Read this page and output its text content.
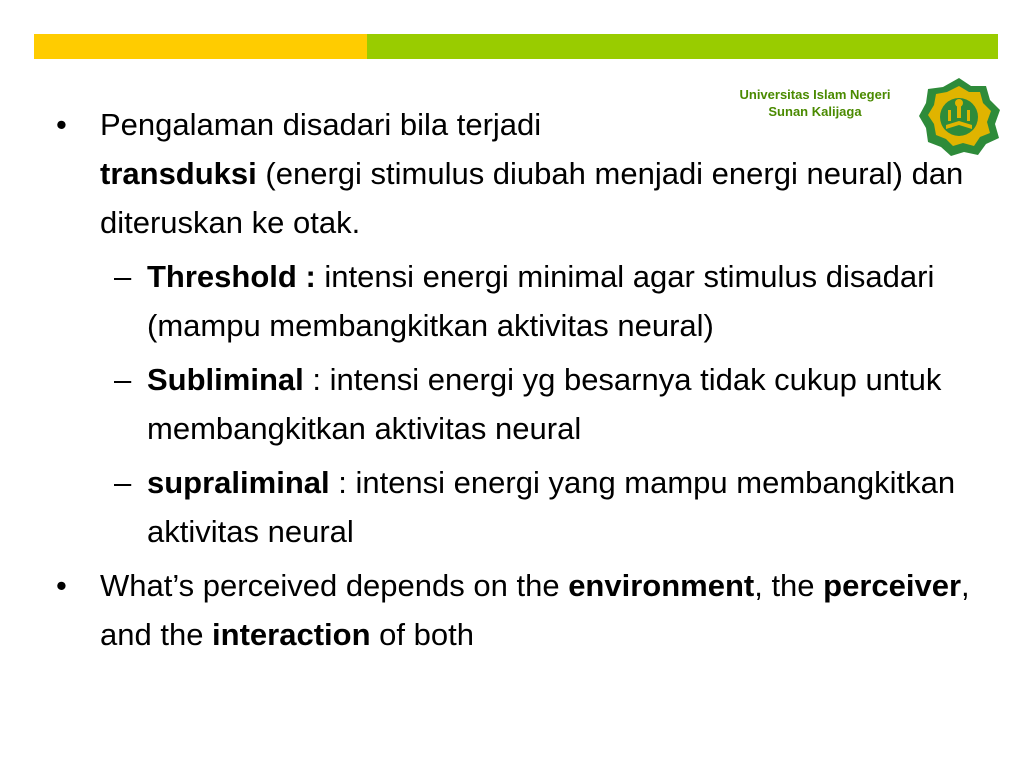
Universitas Islam Negeri
Sunan Kalijaga
•	Pengalaman disadari bila terjadi
transduksi (energi stimulus diubah menjadi energi neural) dan diteruskan ke otak.
– Threshold : intensi energi minimal agar stimulus disadari (mampu membangkitkan aktivitas neural)
– Subliminal : intensi energi yg besarnya tidak cukup untuk membangkitkan aktivitas neural
– supraliminal : intensi energi yang mampu membangkitkan aktivitas neural
•	What’s perceived depends on the environment, the perceiver, and the interaction of both
